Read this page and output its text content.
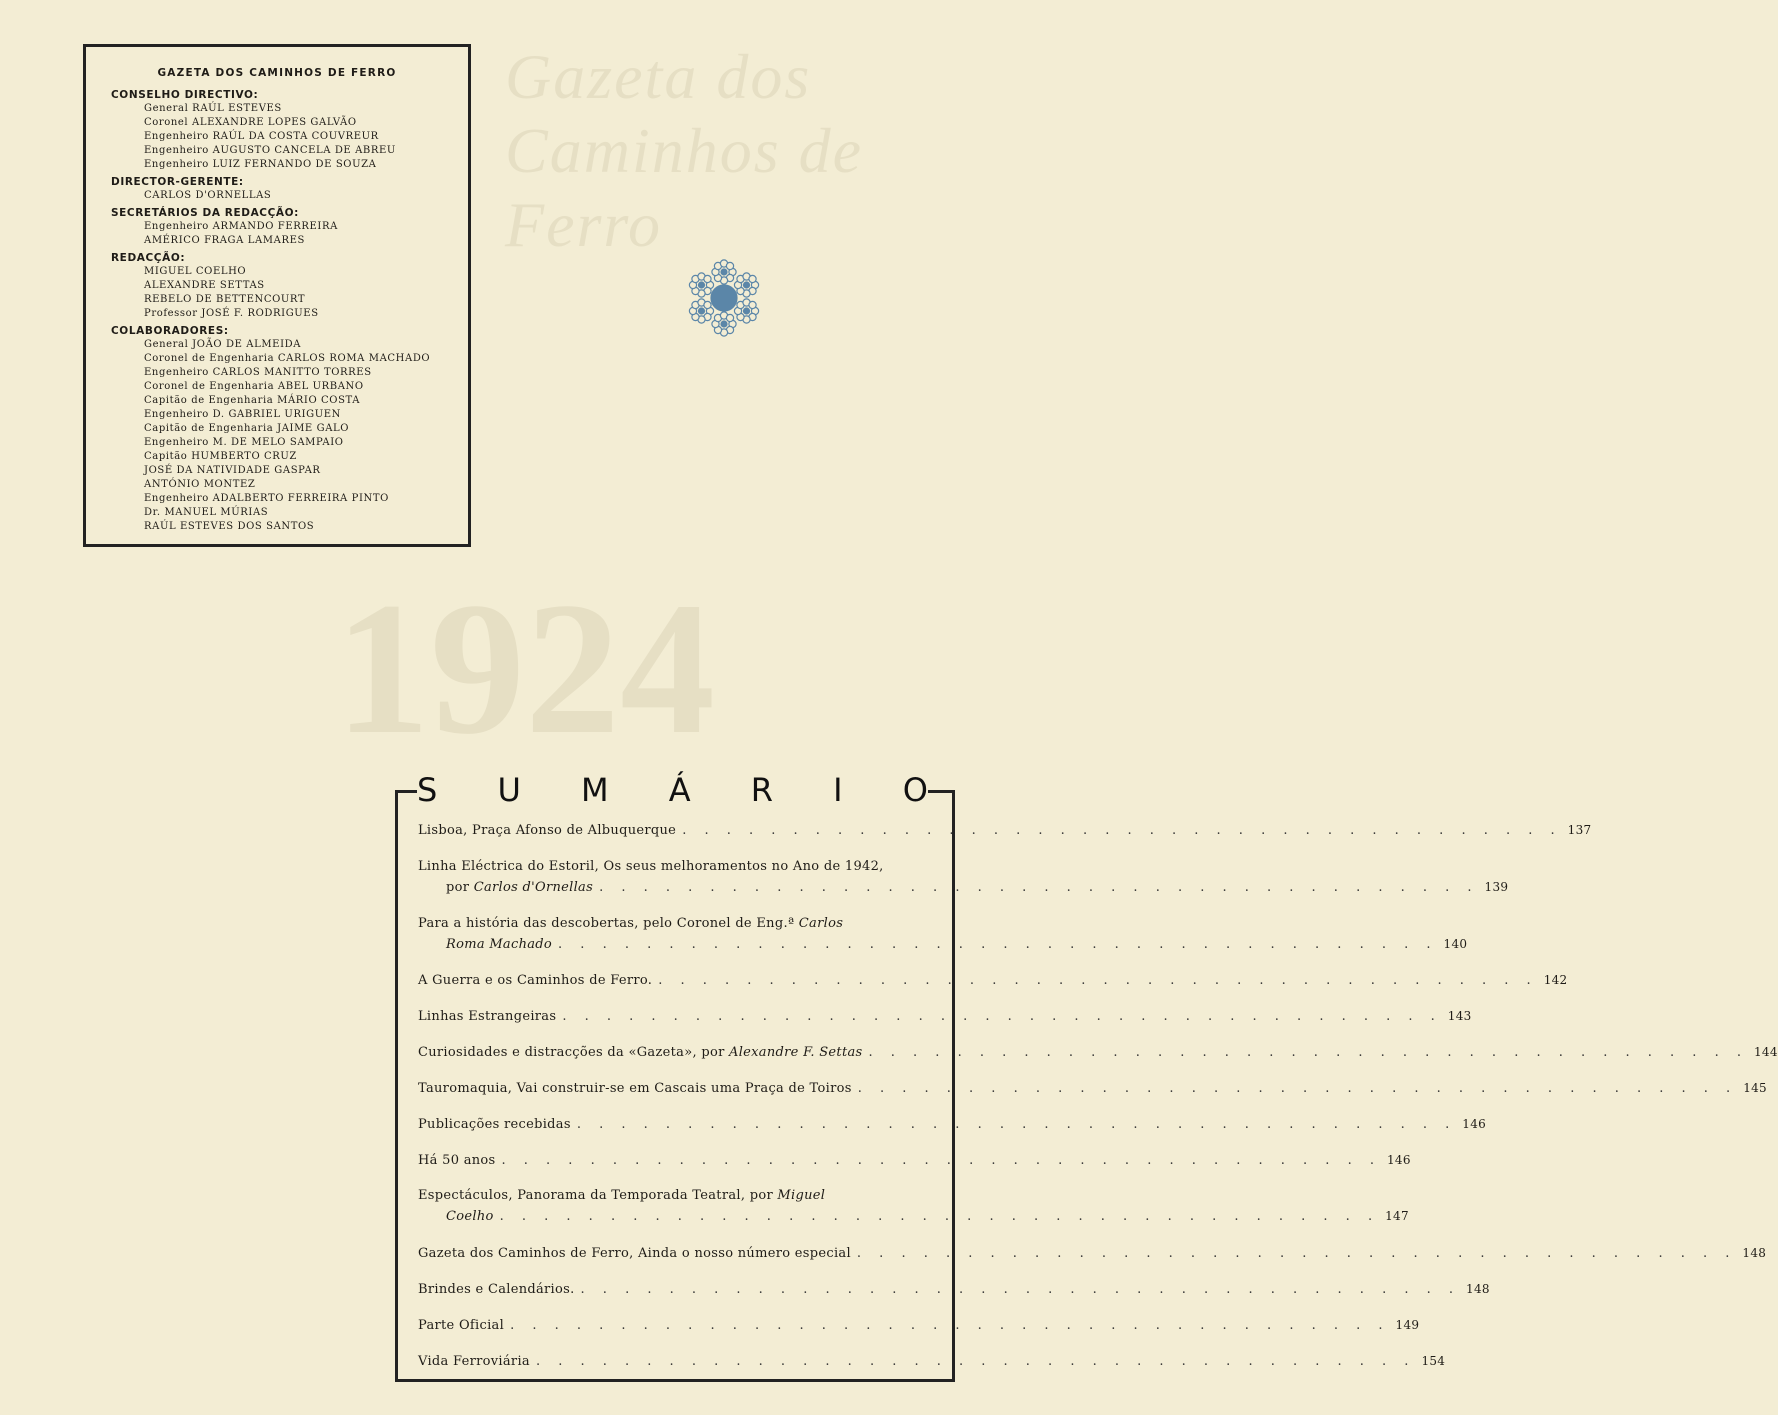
Gazeta dos Caminhos de Ferro
1924
GAZETA DOS CAMINHOS DE FERRO
CONSELHO DIRECTIVO:
General RAÚL ESTEVES
Coronel ALEXANDRE LOPES GALVÃO
Engenheiro RAÚL DA COSTA COUVREUR
Engenheiro AUGUSTO CANCELA DE ABREU
Engenheiro LUIZ FERNANDO DE SOUZA
DIRECTOR-GERENTE:
CARLOS D'ORNELLAS
SECRETÁRIOS DA REDACÇÃO:
Engenheiro ARMANDO FERREIRA
AMÉRICO FRAGA LAMARES
REDACÇÃO:
MIGUEL COELHO
ALEXANDRE SETTAS
REBELO DE BETTENCOURT
Professor JOSÉ F. RODRIGUES
COLABORADORES:
General JOÃO DE ALMEIDA
Coronel de Engenharia CARLOS ROMA MACHADO
Engenheiro CARLOS MANITTO TORRES
Coronel de Engenharia ABEL URBANO
Capitão de Engenharia MÁRIO COSTA
Engenheiro D. GABRIEL URIGUEN
Capitão de Engenharia JAIME GALO
Engenheiro M. DE MELO SAMPAIO
Capitão HUMBERTO CRUZ
JOSÉ DA NATIVIDADE GASPAR
ANTÓNIO MONTEZ
Engenheiro ADALBERTO FERREIRA PINTO
Dr. MANUEL MÚRIAS
RAÚL ESTEVES DOS SANTOS
S U M Á R I O
Lisboa, Praça Afonso de Albuquerque . . . . . . . . . . . . . . . . . . . . . . . . . . . . . . . . . . . . . . . . 137
Linha Eléctrica do Estoril, Os seus melhoramentos no Ano de 1942,
por Carlos d'Ornellas . . . . . . . . . . . . . . . . . . . . . . . . . . . . . . . . . . . . . . . . 139
Para a história das descobertas, pelo Coronel de Eng.ª Carlos
Roma Machado . . . . . . . . . . . . . . . . . . . . . . . . . . . . . . . . . . . . . . . . 140
A Guerra e os Caminhos de Ferro. . . . . . . . . . . . . . . . . . . . . . . . . . . . . . . . . . . . . . . . . 142
Linhas Estrangeiras . . . . . . . . . . . . . . . . . . . . . . . . . . . . . . . . . . . . . . . . 143
Curiosidades e distracções da «Gazeta», por Alexandre F. Settas . . . . . . . . . . . . . . . . . . . . . . . . . . . . . . . . . . . . . . . . 144
Tauromaquia, Vai construir-se em Cascais uma Praça de Toiros . . . . . . . . . . . . . . . . . . . . . . . . . . . . . . . . . . . . . . . . 145
Publicações recebidas . . . . . . . . . . . . . . . . . . . . . . . . . . . . . . . . . . . . . . . . 146
Há 50 anos . . . . . . . . . . . . . . . . . . . . . . . . . . . . . . . . . . . . . . . . 146
Espectáculos, Panorama da Temporada Teatral, por Miguel
Coelho . . . . . . . . . . . . . . . . . . . . . . . . . . . . . . . . . . . . . . . . 147
Gazeta dos Caminhos de Ferro, Ainda o nosso número especial . . . . . . . . . . . . . . . . . . . . . . . . . . . . . . . . . . . . . . . . 148
Brindes e Calendários. . . . . . . . . . . . . . . . . . . . . . . . . . . . . . . . . . . . . . . . . 148
Parte Oficial . . . . . . . . . . . . . . . . . . . . . . . . . . . . . . . . . . . . . . . . 149
Vida Ferroviária . . . . . . . . . . . . . . . . . . . . . . . . . . . . . . . . . . . . . . . . 154
